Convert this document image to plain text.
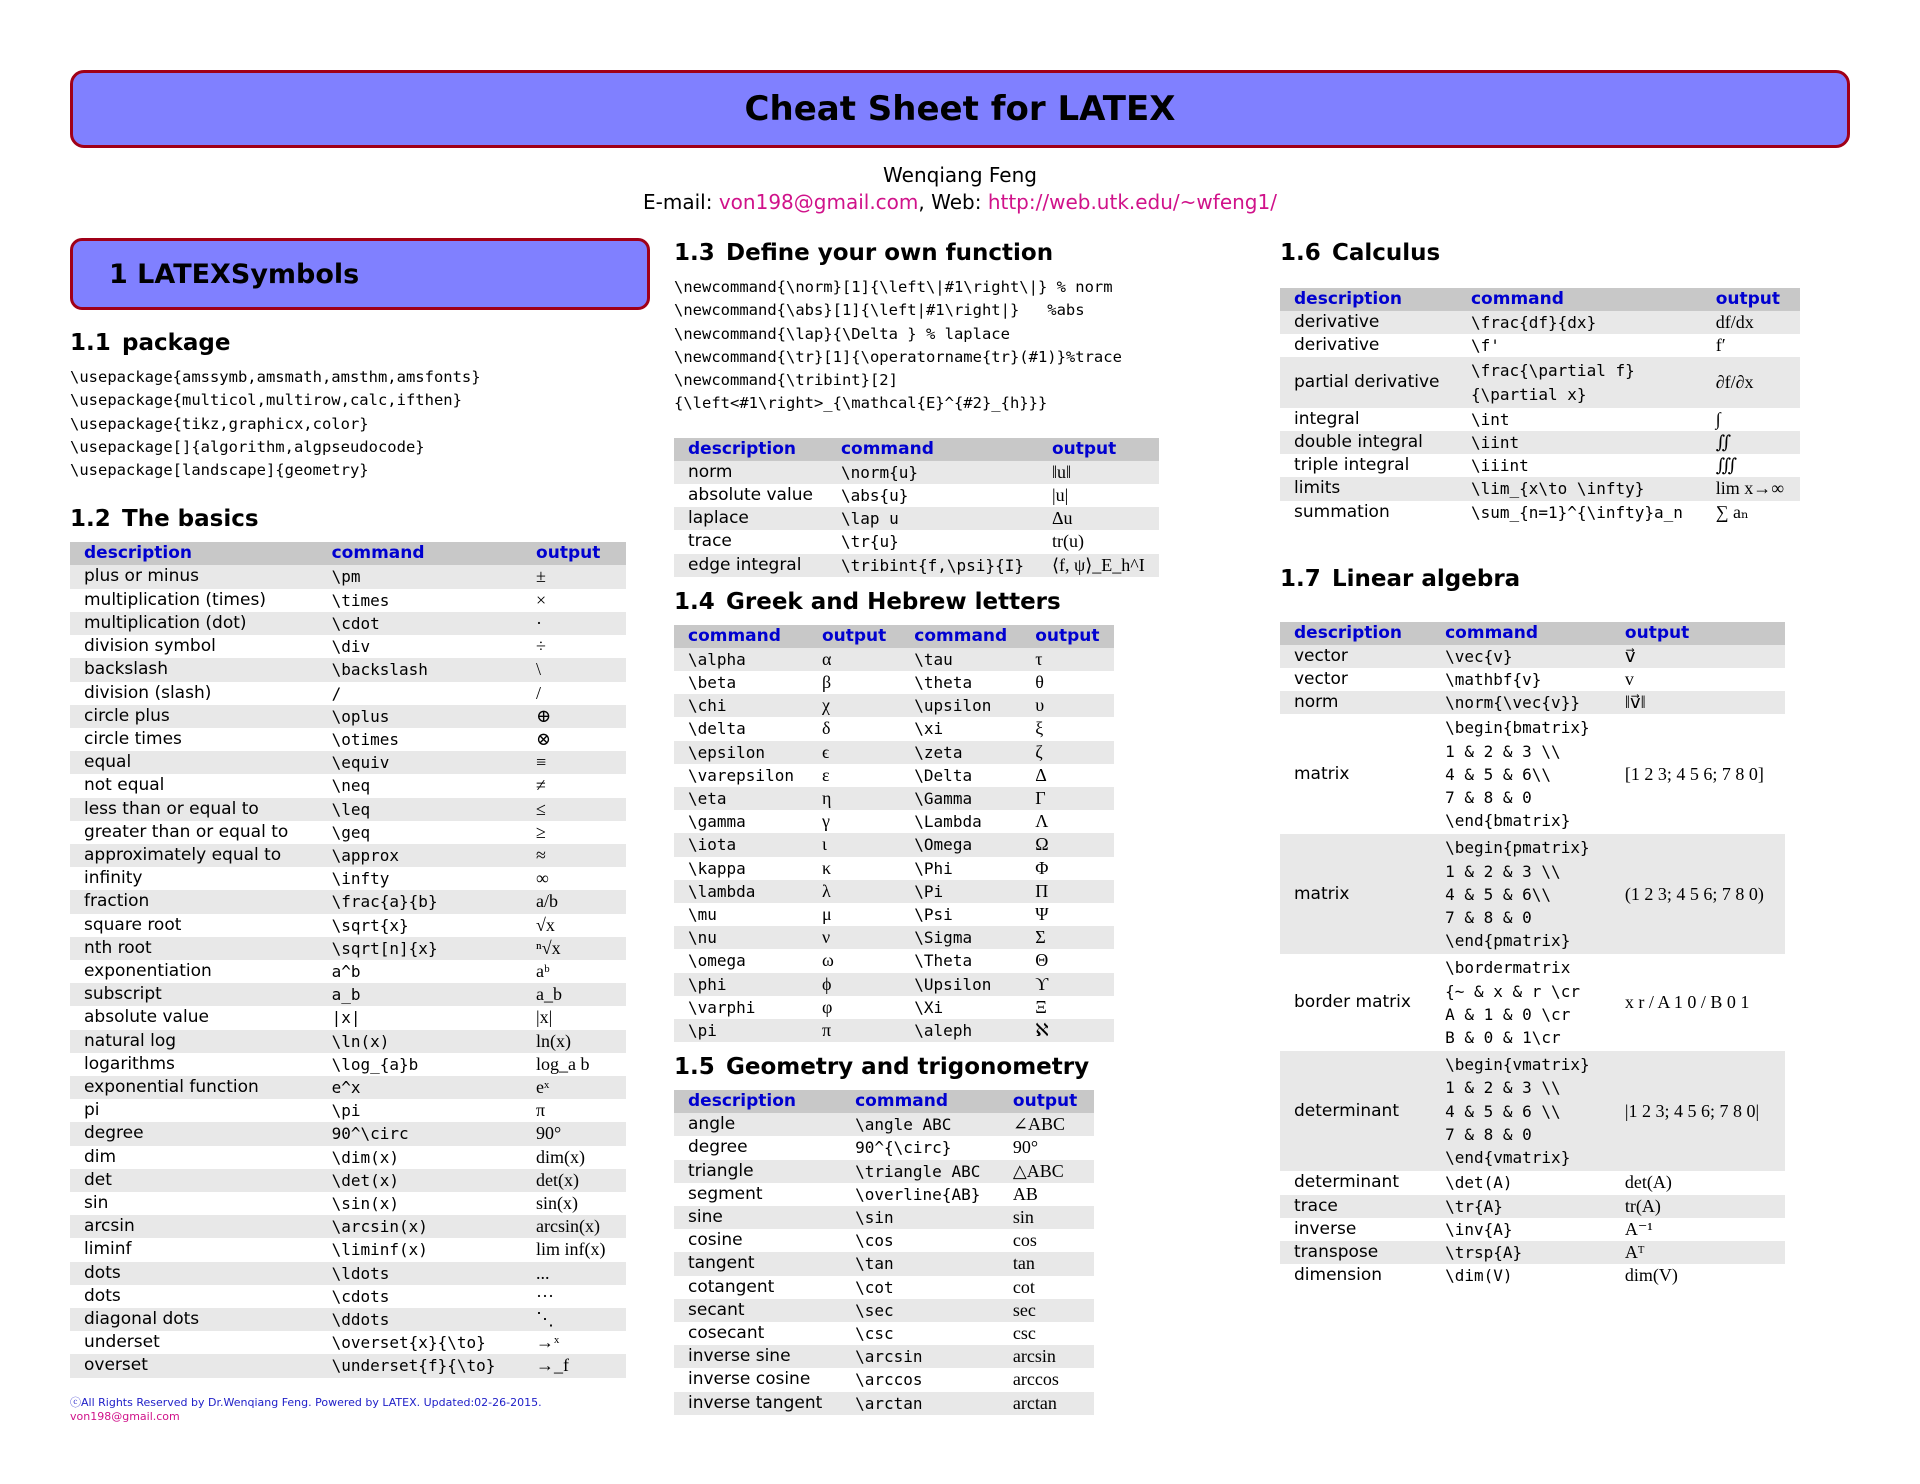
Cheat Sheet for LATEX
Wenqiang Feng
E-mail: von198@gmail.com, Web: http://web.utk.edu/~wfeng1/
1 LATEXSymbols
1.1 package
\usepackage{amssymb,amsmath,amsthm,amsfonts}
\usepackage{multicol,multirow,calc,ifthen}
\usepackage{tikz,graphicx,color}
\usepackage[]{algorithm,algpseudocode}
\usepackage[landscape]{geometry}
1.2 The basics
description	command	output
plus or minus	\pm	±
multiplication (times)	\times	×
multiplication (dot)	\cdot	·
division symbol	\div	÷
backslash	\backslash	\
division (slash)	/	/
circle plus	\oplus	⊕
circle times	\otimes	⊗
equal	\equiv	≡
not equal	\neq	≠
less than or equal to	\leq	≤
greater than or equal to	\geq	≥
approximately equal to	\approx	≈
infinity	\infty	∞
fraction	\frac{a}{b}	a/b
square root	\sqrt{x}	√x
nth root	\sqrt[n]{x}	ⁿ√x
exponentiation	a^b	aᵇ
subscript	a_b	a_b
absolute value	|x|	|x|
natural log	\ln(x)	ln(x)
logarithms	\log_{a}b	log_a b
exponential function	e^x	eˣ
pi	\pi	π
degree	90^\circ	90°
dim	\dim(x)	dim(x)
det	\det(x)	det(x)
sin	\sin(x)	sin(x)
arcsin	\arcsin(x)	arcsin(x)
liminf	\liminf(x)	lim inf(x)
dots	\ldots	...
dots	\cdots	···
diagonal dots	\ddots	⋱
underset	\overset{x}{\to}	→ˣ
overset	\underset{f}{\to}	→_f
ⓒAll Rights Reserved by Dr.Wenqiang Feng. Powered by LATEX. Updated:02-26-2015. von198@gmail.com
1.3 Define your own function
\newcommand{\norm}[1]{\left\|#1\right\|} % norm
\newcommand{\abs}[1]{\left|#1\right|}   %abs
\newcommand{\lap}{\Delta } % laplace
\newcommand{\tr}[1]{\operatorname{tr}(#1)}%trace
\newcommand{\tribint}[2]
{\left<#1\right>_{\mathcal{E}^{#2}_{h}}}
description	command	output
norm	\norm{u}	‖u‖
absolute value	\abs{u}	|u|
laplace	\lap u	Δu
trace	\tr{u}	tr(u)
edge integral	\tribint{f,\psi}{I}	⟨f, ψ⟩_E_h^I
1.4 Greek and Hebrew letters
command	output	command	output
\alpha	α	\tau	τ
\beta	β	\theta	θ
\chi	χ	\upsilon	υ
\delta	δ	\xi	ξ
\epsilon	ϵ	\zeta	ζ
\varepsilon	ε	\Delta	Δ
\eta	η	\Gamma	Γ
\gamma	γ	\Lambda	Λ
\iota	ι	\Omega	Ω
\kappa	κ	\Phi	Φ
\lambda	λ	\Pi	Π
\mu	μ	\Psi	Ψ
\nu	ν	\Sigma	Σ
\omega	ω	\Theta	Θ
\phi	ϕ	\Upsilon	ϒ
\varphi	φ	\Xi	Ξ
\pi	π	\aleph	ℵ
1.5 Geometry and trigonometry
description	command	output
angle	\angle ABC	∠ABC
degree	90^{\circ}	90°
triangle	\triangle ABC	△ABC
segment	\overline{AB}	AB
sine	\sin	sin
cosine	\cos	cos
tangent	\tan	tan
cotangent	\cot	cot
secant	\sec	sec
cosecant	\csc	csc
inverse sine	\arcsin	arcsin
inverse cosine	\arccos	arccos
inverse tangent	\arctan	arctan
1.6 Calculus
description	command	output
derivative	\frac{df}{dx}	df/dx
derivative	\f'	f′
partial derivative	\frac{\partial f}
{\partial x}	∂f/∂x
integral	\int	∫
double integral	\iint	∬
triple integral	\iiint	∭
limits	\lim_{x\to \infty}	lim x→∞
summation	\sum_{n=1}^{\infty}a_n	∑ aₙ
1.7 Linear algebra
description	command	output
vector	\vec{v}	v⃗
vector	\mathbf{v}	v
norm	\norm{\vec{v}}	‖v⃗‖
matrix	\begin{bmatrix}
1 & 2 & 3 \\
4 & 5 & 6\\
7 & 8 & 0
\end{bmatrix}	[1 2 3; 4 5 6; 7 8 0]
matrix	\begin{pmatrix}
1 & 2 & 3 \\
4 & 5 & 6\\
7 & 8 & 0
\end{pmatrix}	(1 2 3; 4 5 6; 7 8 0)
border matrix	\bordermatrix
{~ & x & r \cr
A & 1 & 0 \cr
B & 0 & 1\cr	x r / A 1 0 / B 0 1
determinant	\begin{vmatrix}
1 & 2 & 3 \\
4 & 5 & 6 \\
7 & 8 & 0
\end{vmatrix}	|1 2 3; 4 5 6; 7 8 0|
determinant	\det(A)	det(A)
trace	\tr{A}	tr(A)
inverse	\inv{A}	A⁻¹
transpose	\trsp{A}	Aᵀ
dimension	\dim(V)	dim(V)
